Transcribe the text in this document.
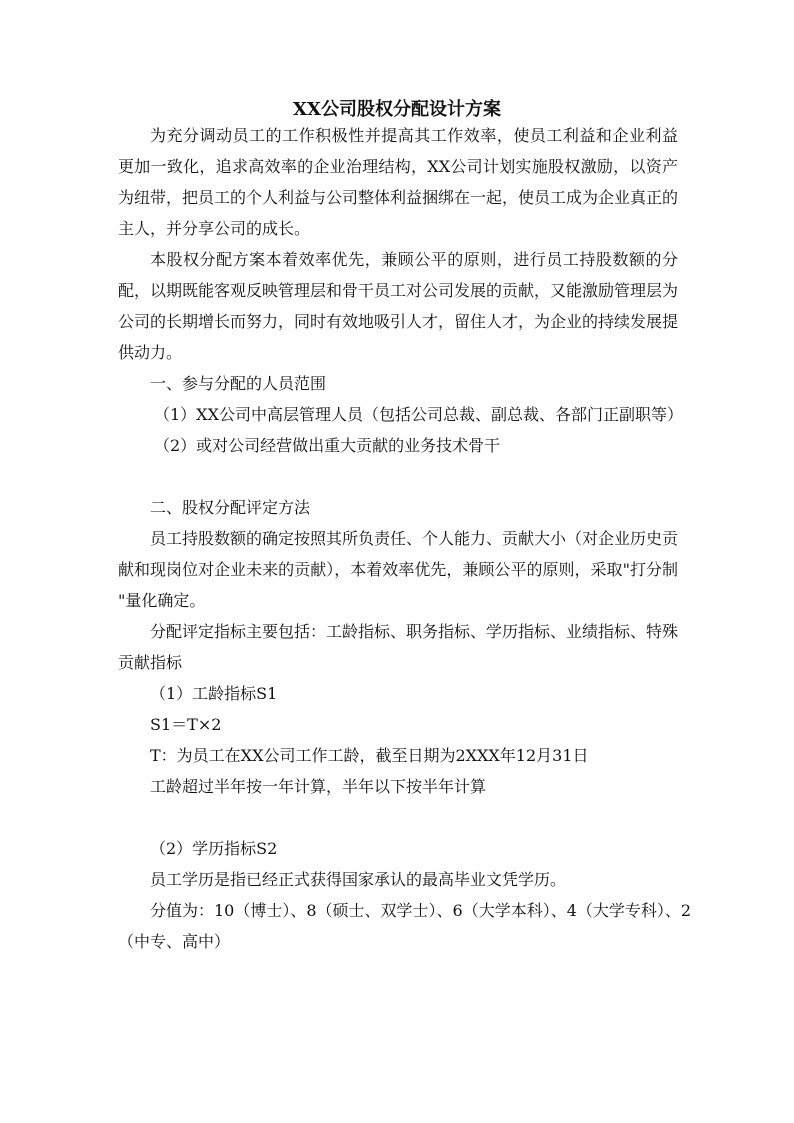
XX公司股权分配设计方案
为充分调动员工的工作积极性并提高其工作效率，使员工利益和企业利益
更加一致化，追求高效率的企业治理结构，XX公司计划实施股权激励，以资产
为纽带，把员工的个人利益与公司整体利益捆绑在一起，使员工成为企业真正的
主人，并分享公司的成长。
本股权分配方案本着效率优先，兼顾公平的原则，进行员工持股数额的分
配，以期既能客观反映管理层和骨干员工对公司发展的贡献，又能激励管理层为
公司的长期增长而努力，同时有效地吸引人才，留住人才，为企业的持续发展提
供动力。
一、参与分配的人员范围
（1）XX公司中高层管理人员（包括公司总裁、副总裁、各部门正副职等）
（2）或对公司经营做出重大贡献的业务技术骨干
二、股权分配评定方法
员工持股数额的确定按照其所负责任、个人能力、贡献大小（对企业历史贡
献和现岗位对企业未来的贡献），本着效率优先，兼顾公平的原则，采取"打分制
"量化确定。
分配评定指标主要包括：工龄指标、职务指标、学历指标、业绩指标、特殊
贡献指标
（1）工龄指标S1
S1＝T×2
T：为员工在XX公司工作工龄，截至日期为2XXX年12月31日
工龄超过半年按一年计算，半年以下按半年计算
（2）学历指标S2
员工学历是指已经正式获得国家承认的最高毕业文凭学历。
分值为：10（博士）、8（硕士、双学士）、6（大学本科）、4（大学专科）、2
（中专、高中）
